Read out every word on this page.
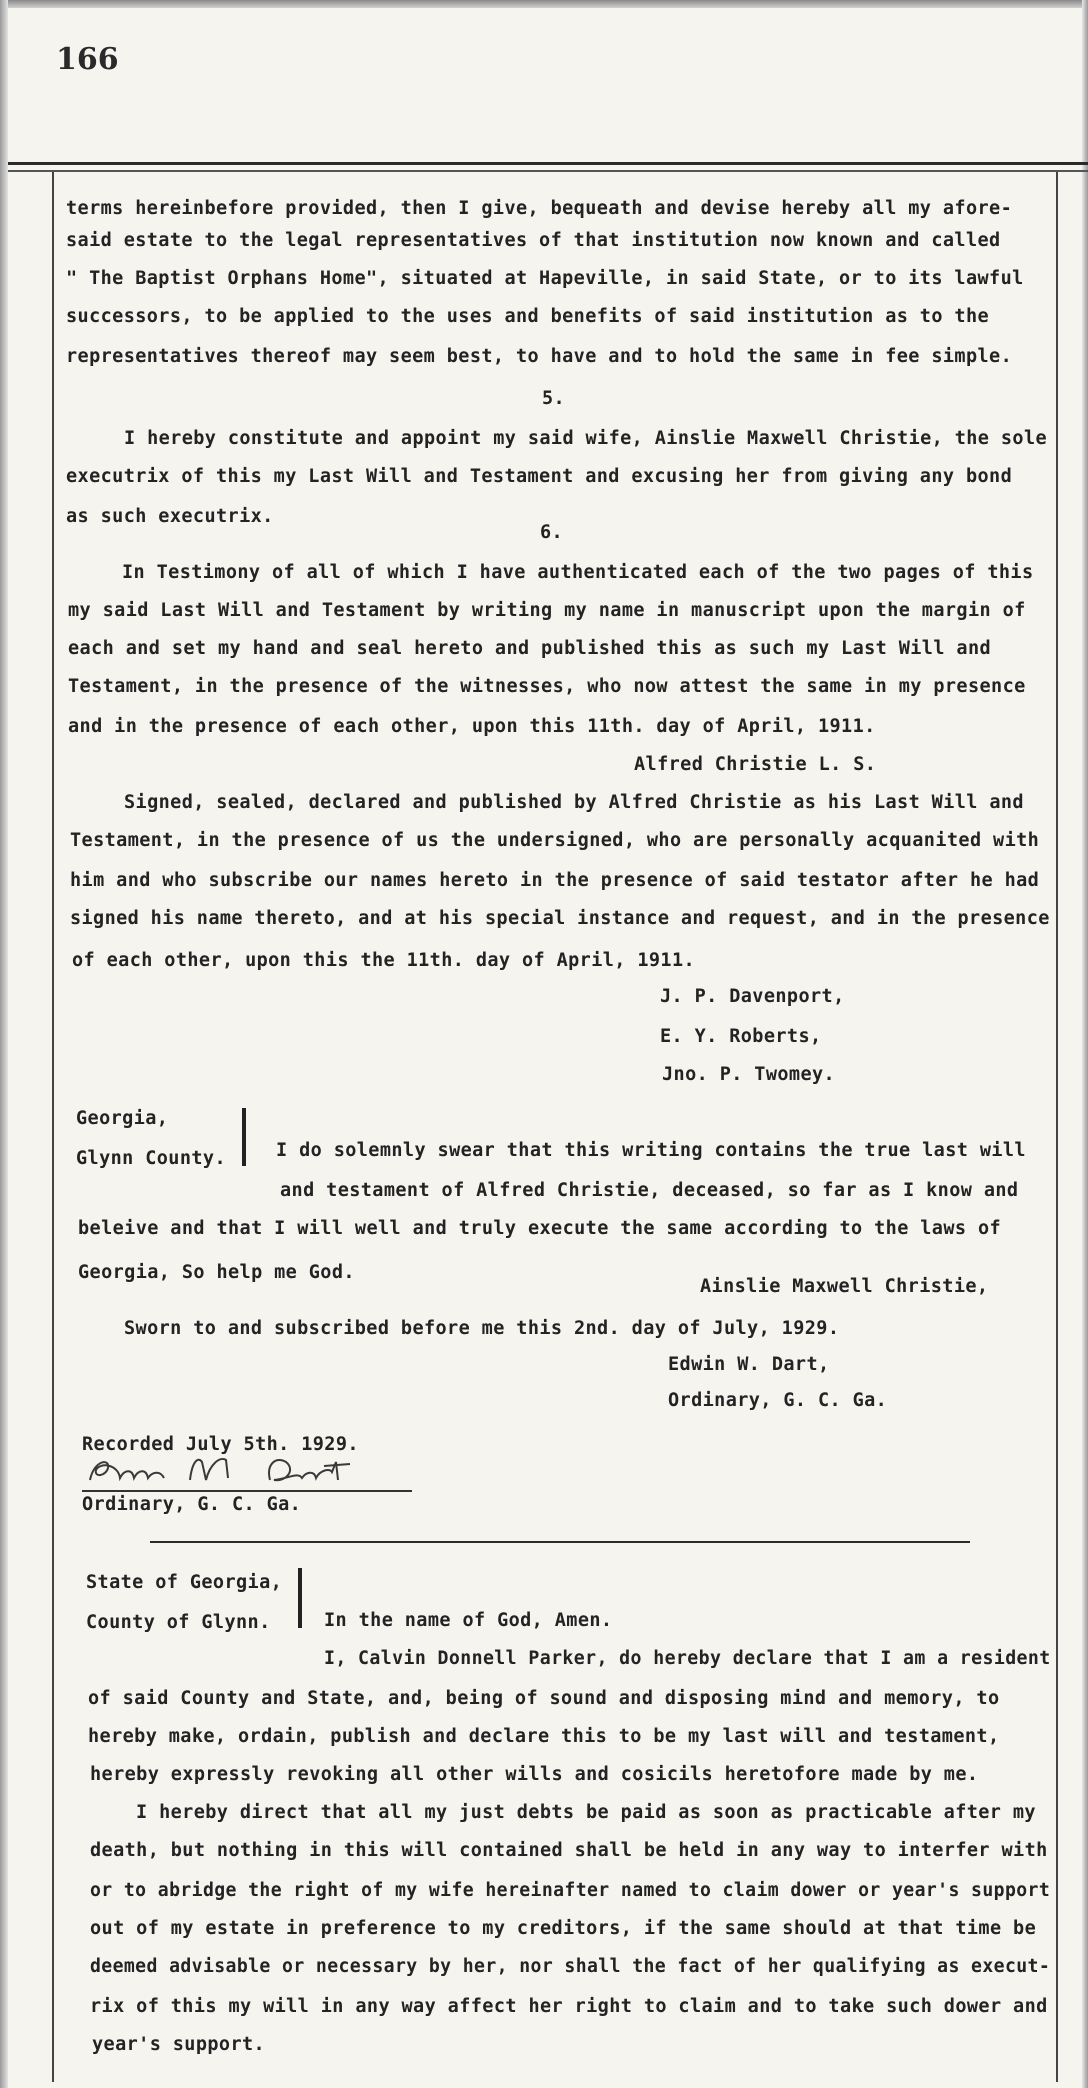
166
terms hereinbefore provided, then I give, bequeath and devise hereby all my afore-
said estate to the legal representatives of that institution now known and called
" The Baptist Orphans Home", situated at Hapeville, in said State, or to its lawful
successors, to be applied to the uses and benefits of said institution as to the
representatives thereof may seem best, to have and to hold the same in fee simple.
5.
I hereby constitute and appoint my said wife, Ainslie Maxwell Christie, the sole
executrix of this my Last Will and Testament and excusing her from giving any bond
as such executrix.
6.
In Testimony of all of which I have authenticated each of the two pages of this
my said Last Will and Testament by writing my name in manuscript upon the margin of
each and set my hand and seal hereto and published this as such my Last Will and
Testament, in the presence of the witnesses, who now attest the same in my presence
and in the presence of each other, upon this 11th. day of April, 1911.
Alfred Christie L. S.
Signed, sealed, declared and published by Alfred Christie as his Last Will and
Testament, in the presence of us the undersigned, who are personally acquanited with
him and who subscribe our names hereto in the presence of said testator after he had
signed his name thereto, and at his special instance and request, and in the presence
of each other, upon this the 11th. day of April, 1911.
J. P. Davenport,
E. Y. Roberts,
Jno. P. Twomey.
Georgia,
Glynn County.	I do solemnly swear that this writing contains the true last will
and testament of Alfred Christie, deceased, so far as I know and
beleive and that I will well and truly execute the same according to the laws of
Georgia, So help me God.
Ainslie Maxwell Christie,
Sworn to and subscribed before me this 2nd. day of July, 1929.
Edwin W. Dart,
Ordinary, G. C. Ga.
Recorded July 5th. 1929.
Ordinary, G. C. Ga.
State of Georgia,
County of Glynn.	In the name of God, Amen.
I, Calvin Donnell Parker, do hereby declare that I am a resident
of said County and State, and, being of sound and disposing mind and memory, to
hereby make, ordain, publish and declare this to be my last will and testament,
hereby expressly revoking all other wills and cosicils heretofore made by me.
I hereby direct that all my just debts be paid as soon as practicable after my
death, but nothing in this will contained shall be held in any way to interfer with
or to abridge the right of my wife hereinafter named to claim dower or year's support
out of my estate in preference to my creditors, if the same should at that time be
deemed advisable or necessary by her, nor shall the fact of her qualifying as execut-
rix of this my will in any way affect her right to claim and to take such dower and
year's support.
